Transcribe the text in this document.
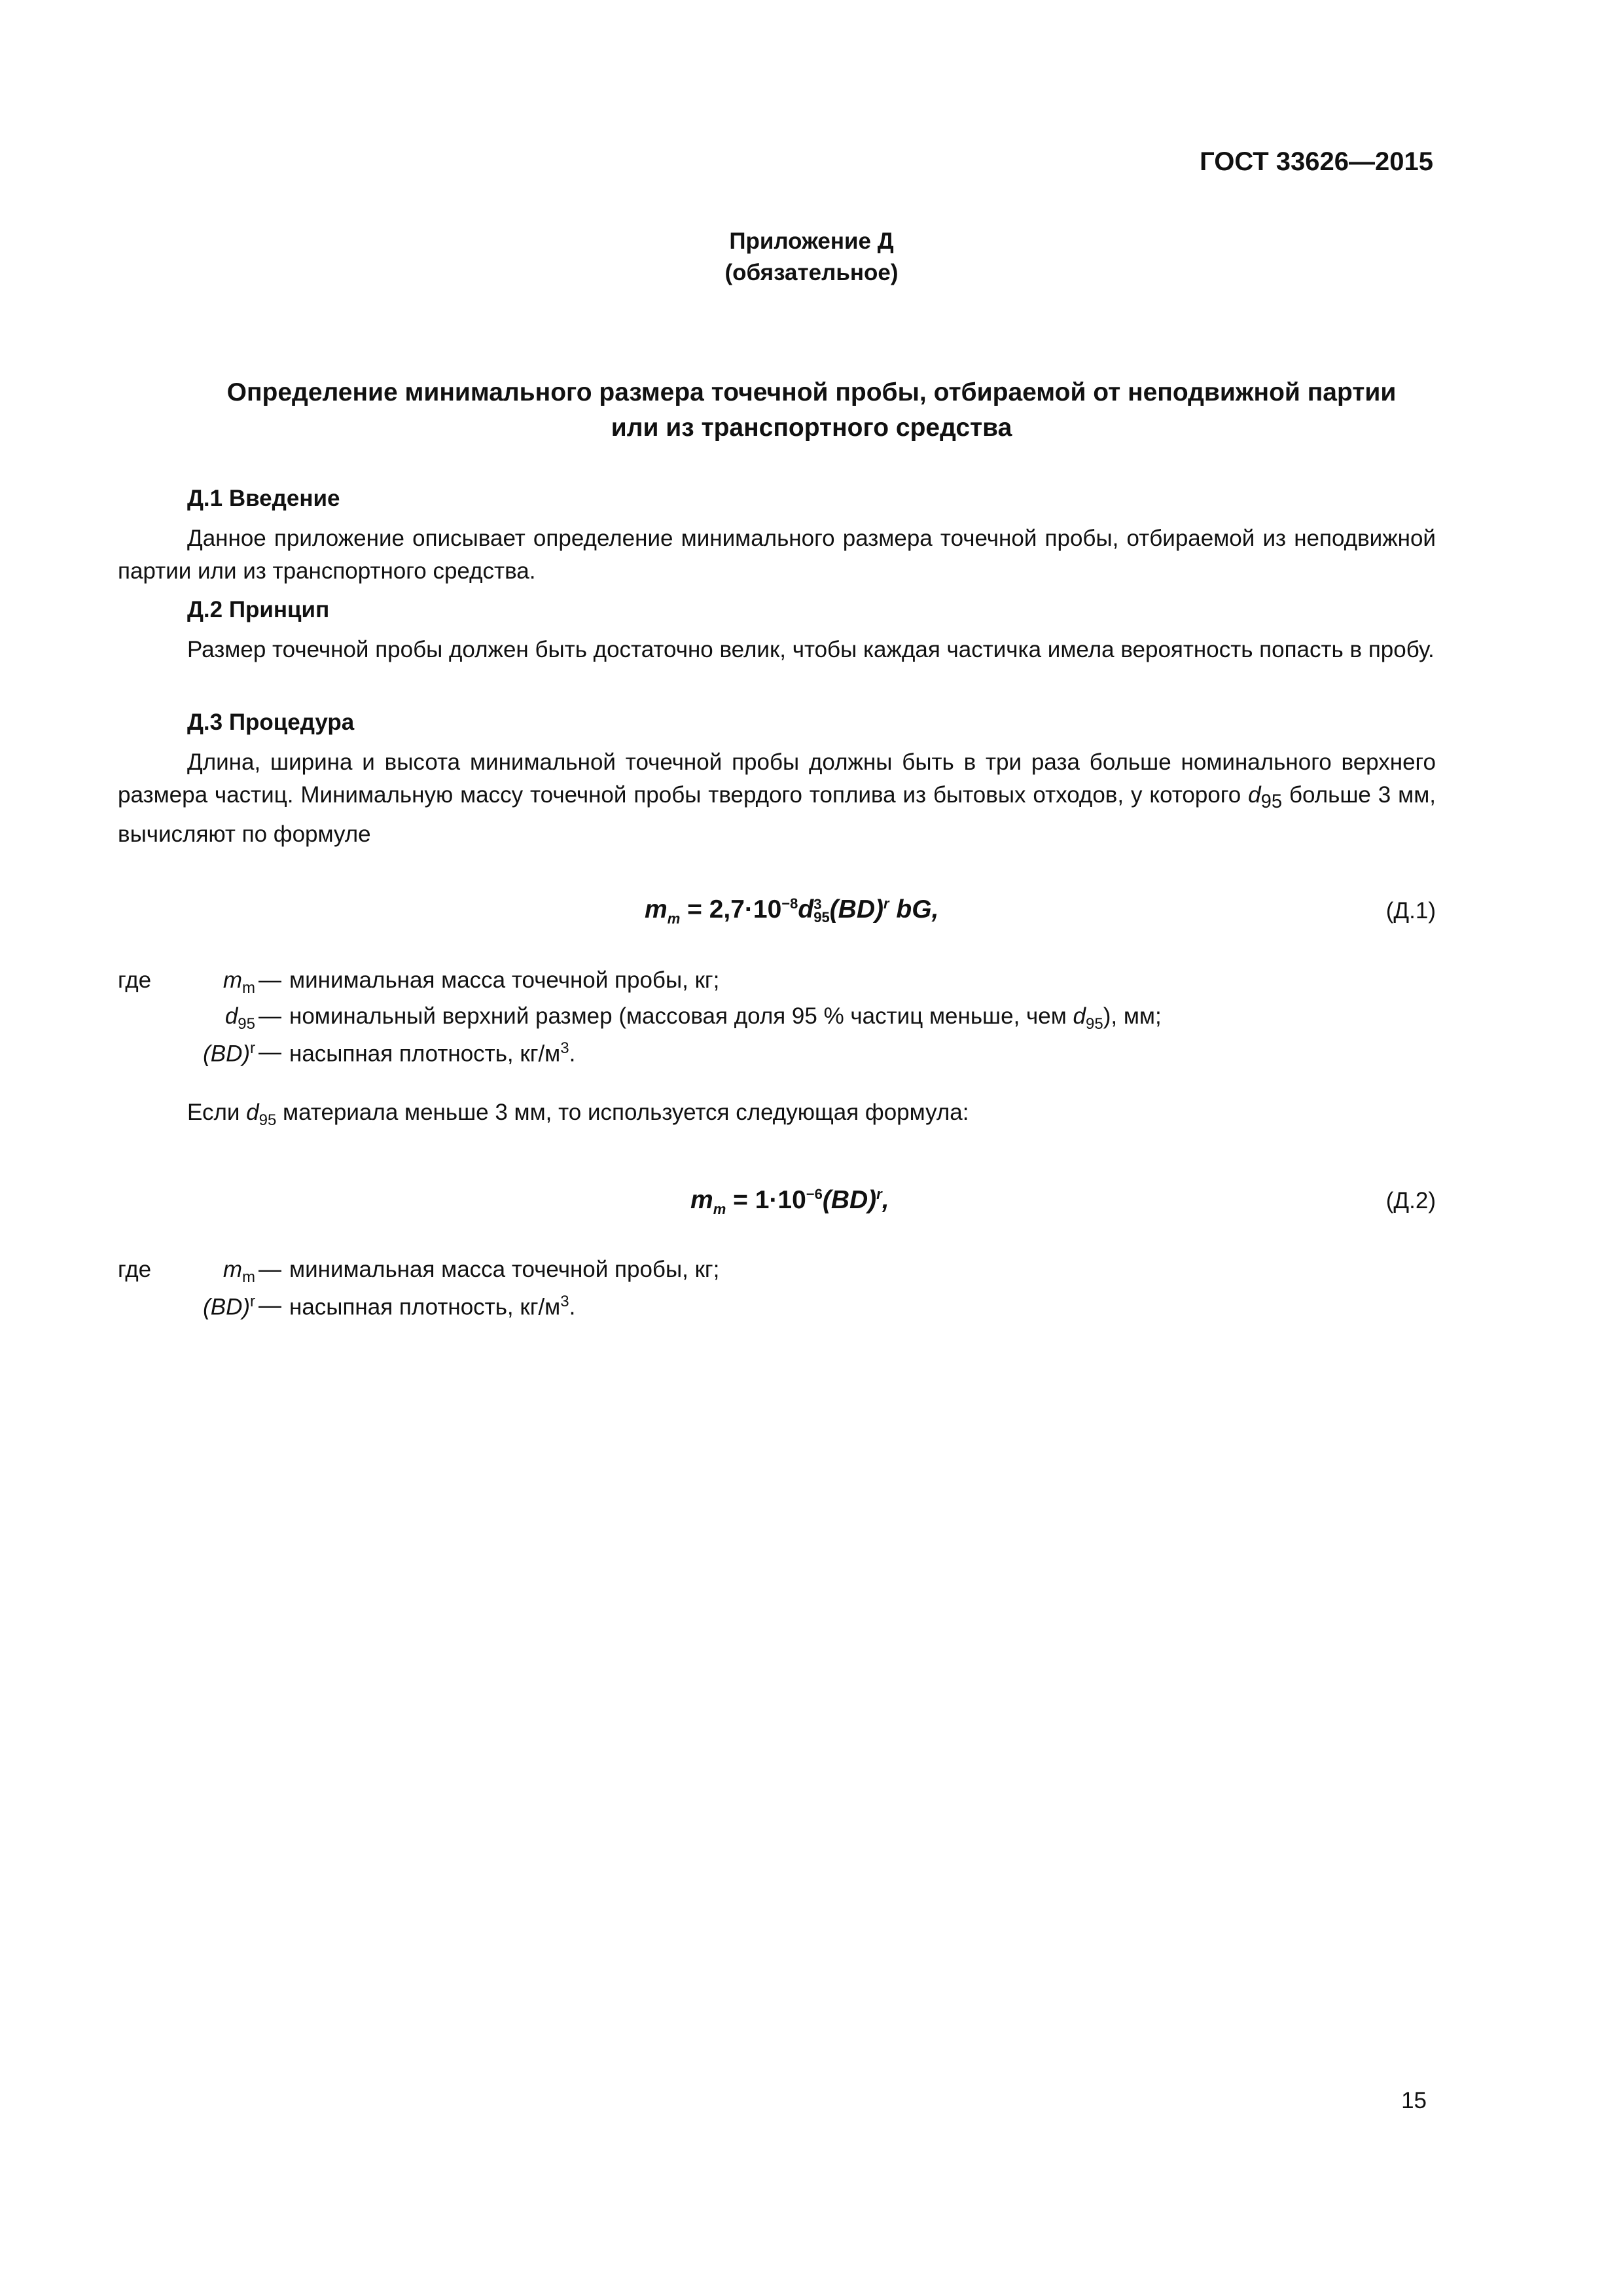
ГОСТ 33626—2015
Приложение Д
(обязательное)
Определение минимального размера точечной пробы, отбираемой от неподвижной партии
или из транспортного средства
Д.1 Введение
Данное приложение описывает определение минимального размера точечной пробы, отбираемой из неподвижной партии или из транспортного средства.
Д.2 Принцип
Размер точечной пробы должен быть достаточно велик, чтобы каждая частичка имела вероятность попасть в пробу.
Д.3 Процедура
Длина, ширина и высота минимальной точечной пробы должны быть в три раза больше номинального верхнего размера частиц. Минимальную массу точечной пробы твердого топлива из бытовых отходов, у которого $d_{95}$ больше 3 мм, вычисляют по формуле
$m_m = 2,7\cdot 10^{-8}d$ 3
95 (BD)$^r$ bG,	(Д.1)
где	$m_m$ — минимальная масса точечной пробы, кг;
$d_{95}$ — номинальный верхний размер (массовая доля 95 % частиц меньше, чем $d_{95}$), мм;
(BD)$^r$ — насыпная плотность, $кг/м^3$.
Если $d_{95}$ материала меньше 3 мм, то используется следующая формула:
$m_m = 1\cdot 10^{-6}(BD)^r$,	(Д.2)
где	$m_m$ — минимальная масса точечной пробы, кг;
(BD)$^r$ — насыпная плотность, $кг/м^3$.
15
